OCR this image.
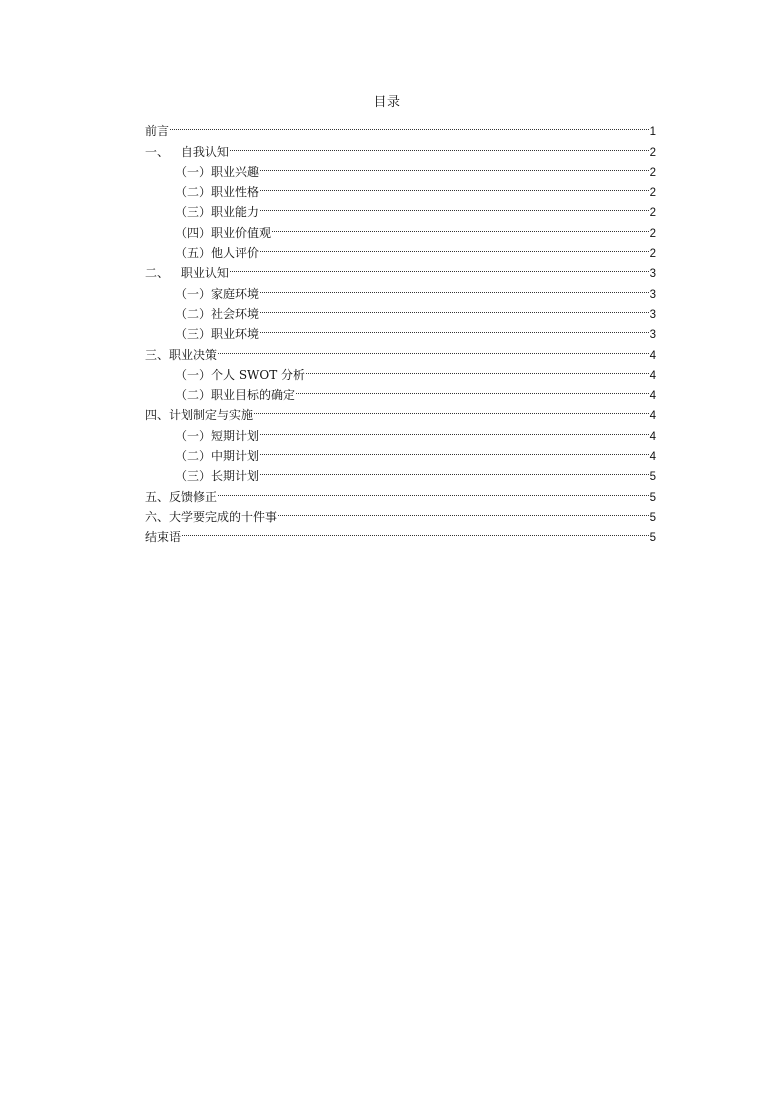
目录
前言	1
一、 自我认知	2
（一）职业兴趣	2
（二）职业性格	2
（三）职业能力	2
（四）职业价值观	2
（五）他人评价	2
二、 职业认知	3
（一）家庭环境	3
（二）社会环境	3
（三）职业环境	3
三、职业决策	4
（一）个人 SWOT 分析	4
（二）职业目标的确定	4
四、计划制定与实施	4
（一）短期计划	4
（二）中期计划	4
（三）长期计划	5
五、反馈修正	5
六、大学要完成的十件事	5
结束语	5
